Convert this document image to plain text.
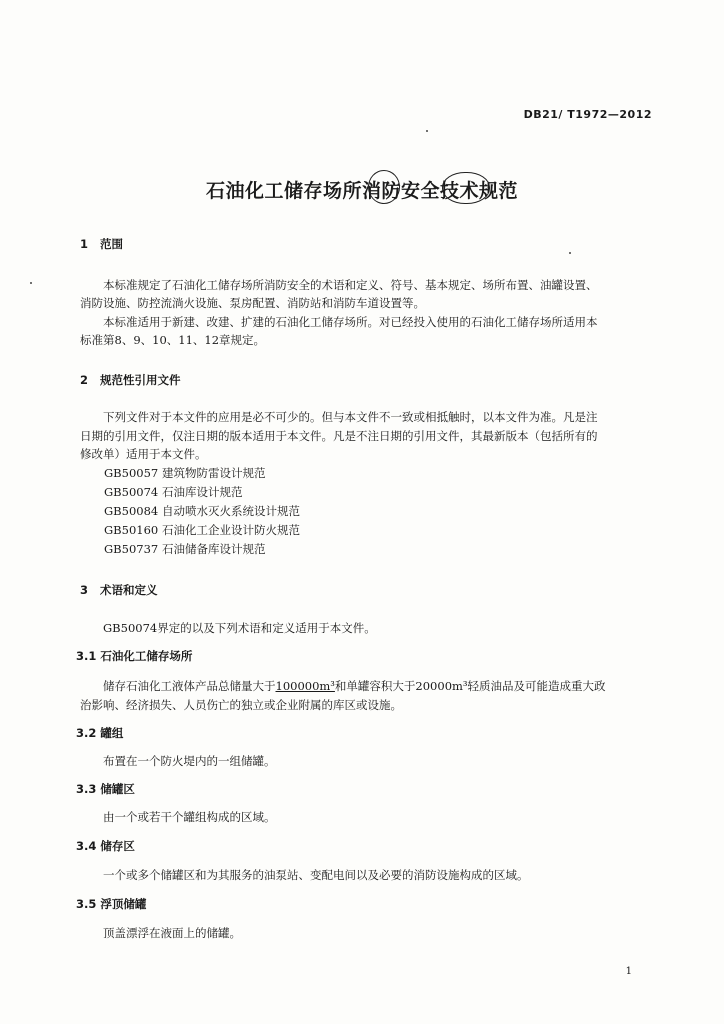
DB21/ T1972—2012
石油化工储存场所消防安全技术规范
1 范围
本标准规定了石油化工储存场所消防安全的术语和定义、符号、基本规定、场所布置、油罐设置、
消防设施、防控流淌火设施、泵房配置、消防站和消防车道设置等。
本标准适用于新建、改建、扩建的石油化工储存场所。对已经投入使用的石油化工储存场所适用本
标准第8、9、10、11、12章规定。
2 规范性引用文件
下列文件对于本文件的应用是必不可少的。但与本文件不一致或相抵触时，以本文件为准。凡是注
日期的引用文件，仅注日期的版本适用于本文件。凡是不注日期的引用文件，其最新版本（包括所有的
修改单）适用于本文件。
GB50057 建筑物防雷设计规范
GB50074 石油库设计规范
GB50084 自动喷水灭火系统设计规范
GB50160 石油化工企业设计防火规范
GB50737 石油储备库设计规范
3 术语和定义
GB50074界定的以及下列术语和定义适用于本文件。
3.1 石油化工储存场所
储存石油化工液体产品总储量大于100000m³和单罐容积大于20000m³轻质油品及可能造成重大政
治影响、经济损失、人员伤亡的独立或企业附属的库区或设施。
3.2 罐组
布置在一个防火堤内的一组储罐。
3.3 储罐区
由一个或若干个罐组构成的区域。
3.4 储存区
一个或多个储罐区和为其服务的油泵站、变配电间以及必要的消防设施构成的区域。
3.5 浮顶储罐
顶盖漂浮在液面上的储罐。
1
